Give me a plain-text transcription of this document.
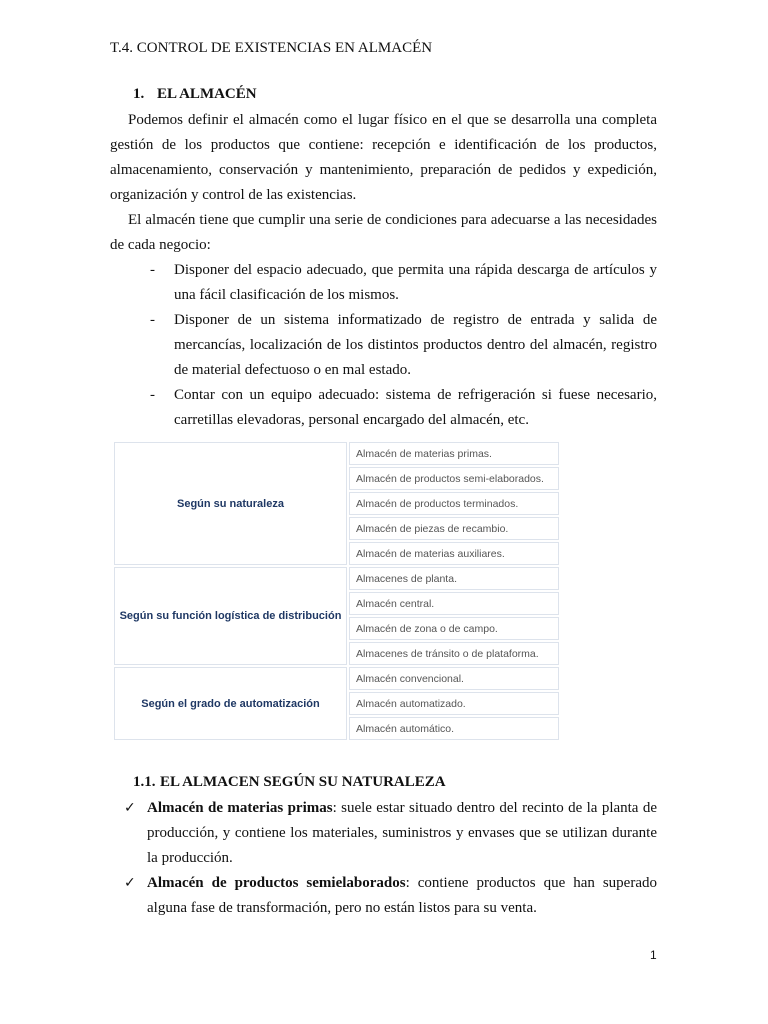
T.4. CONTROL DE EXISTENCIAS EN ALMACÉN
1. EL ALMACÉN
Podemos definir el almacén como el lugar físico en el que se desarrolla una completa gestión de los productos que contiene: recepción e identificación de los productos, almacenamiento, conservación y mantenimiento, preparación de pedidos y expedición, organización y control de las existencias.
El almacén tiene que cumplir una serie de condiciones para adecuarse a las necesidades de cada negocio:
- Disponer del espacio adecuado, que permita una rápida descarga de artículos y una fácil clasificación de los mismos.
- Disponer de un sistema informatizado de registro de entrada y salida de mercancías, localización de los distintos productos dentro del almacén, registro de material defectuoso o en mal estado.
- Contar con un equipo adecuado: sistema de refrigeración si fuese necesario, carretillas elevadoras, personal encargado del almacén, etc.
Según su naturaleza	Almacén de materias primas.
	Almacén de productos semi-elaborados.
	Almacén de productos terminados.
	Almacén de piezas de recambio.
	Almacén de materias auxiliares.
Según su función logística de distribución	Almacenes de planta.
	Almacén central.
	Almacén de zona o de campo.
	Almacenes de tránsito o de plataforma.
Según el grado de automatización	Almacén convencional.
	Almacén automatizado.
	Almacén automático.
1.1. EL ALMACEN SEGÚN SU NATURALEZA
✓ Almacén de materias primas: suele estar situado dentro del recinto de la planta de producción, y contiene los materiales, suministros y envases que se utilizan durante la producción.
✓ Almacén de productos semielaborados: contiene productos que han superado alguna fase de transformación, pero no están listos para su venta.
1
